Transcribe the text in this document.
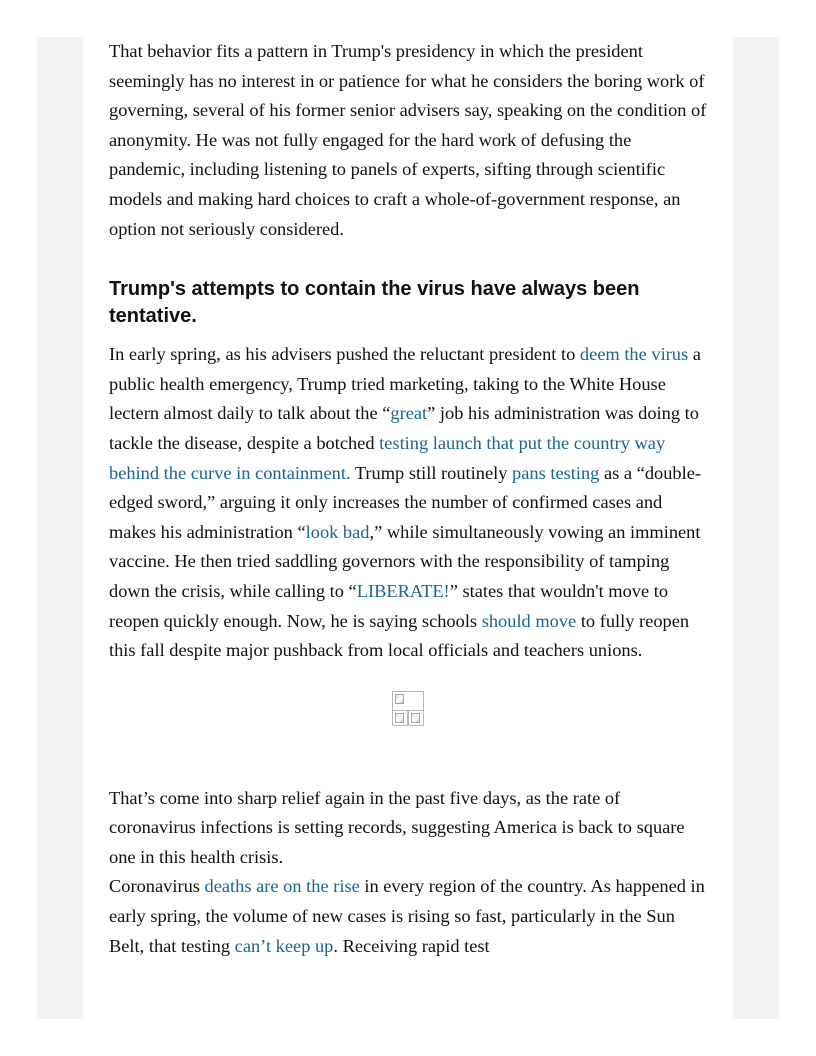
That behavior fits a pattern in Trump's presidency in which the president seemingly has no interest in or patience for what he considers the boring work of governing, several of his former senior advisers say, speaking on the condition of anonymity. He was not fully engaged for the hard work of defusing the pandemic, including listening to panels of experts, sifting through scientific models and making hard choices to craft a whole-of-government response, an option not seriously considered.

Trump's attempts to contain the virus have always been tentative.

In early spring, as his advisers pushed the reluctant president to deem the virus a public health emergency, Trump tried marketing, taking to the White House lectern almost daily to talk about the “great” job his administration was doing to tackle the disease, despite a botched testing launch that put the country way behind the curve in containment. Trump still routinely pans testing as a “double-edged sword,” arguing it only increases the number of confirmed cases and makes his administration “look bad,” while simultaneously vowing an imminent vaccine. He then tried saddling governors with the responsibility of tamping down the crisis, while calling to “LIBERATE!” states that wouldn't move to reopen quickly enough. Now, he is saying schools should move to fully reopen this fall despite major pushback from local officials and teachers unions.

That’s come into sharp relief again in the past five days, as the rate of coronavirus infections is setting records, suggesting America is back to square one in this health crisis.

Coronavirus deaths are on the rise in every region of the country. As happened in early spring, the volume of new cases is rising so fast, particularly in the Sun Belt, that testing can’t keep up. Receiving rapid test
